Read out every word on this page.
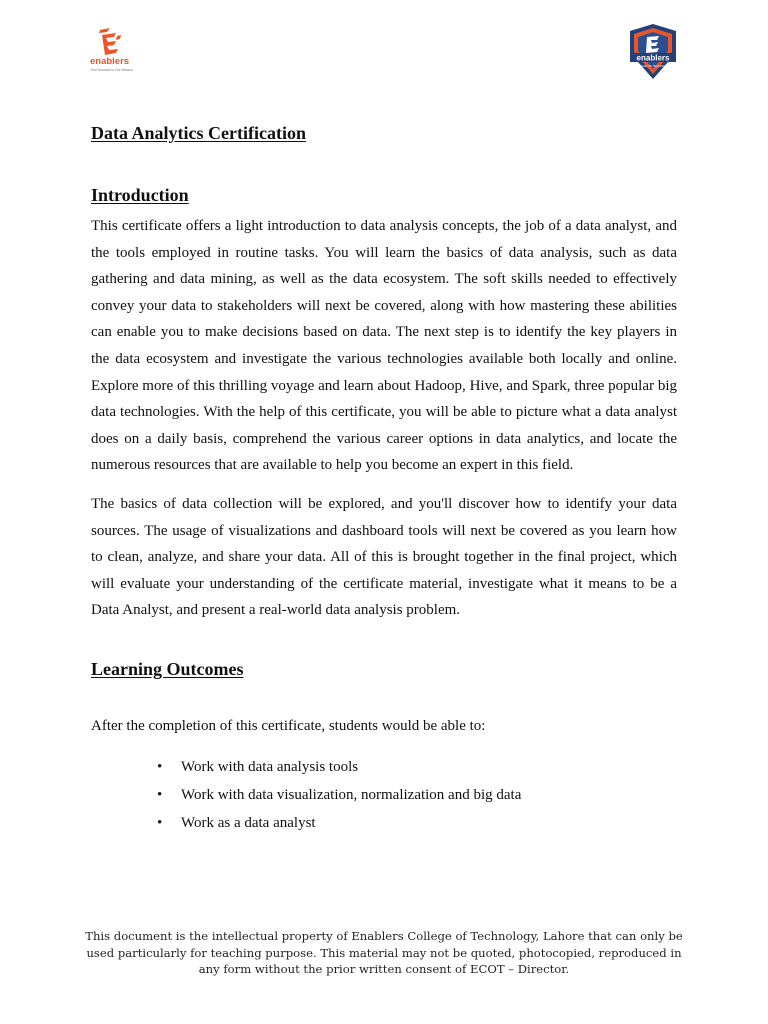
enablers
Your Success is Our Mission
enablers
COLLEGE OF TECHNOLOGY
Data Analytics Certification
Introduction

This certificate offers a light introduction to data analysis concepts, the job of a data analyst, and the tools employed in routine tasks. You will learn the basics of data analysis, such as data gathering and data mining, as well as the data ecosystem. The soft skills needed to effectively convey your data to stakeholders will next be covered, along with how mastering these abilities can enable you to make decisions based on data. The next step is to identify the key players in the data ecosystem and investigate the various technologies available both locally and online. Explore more of this thrilling voyage and learn about Hadoop, Hive, and Spark, three popular big data technologies. With the help of this certificate, you will be able to picture what a data analyst does on a daily basis, comprehend the various career options in data analytics, and locate the numerous resources that are available to help you become an expert in this field.

The basics of data collection will be explored, and you'll discover how to identify your data sources. The usage of visualizations and dashboard tools will next be covered as you learn how to clean, analyze, and share your data. All of this is brought together in the final project, which will evaluate your understanding of the certificate material, investigate what it means to be a Data Analyst, and present a real-world data analysis problem.

Learning Outcomes

After the completion of this certificate, students would be able to:

• Work with data analysis tools
• Work with data visualization, normalization and big data
• Work as a data analyst

This document is the intellectual property of Enablers College of Technology, Lahore that can only be used particularly for teaching purpose. This material may not be quoted, photocopied, reproduced in any form without the prior written consent of ECOT – Director.
